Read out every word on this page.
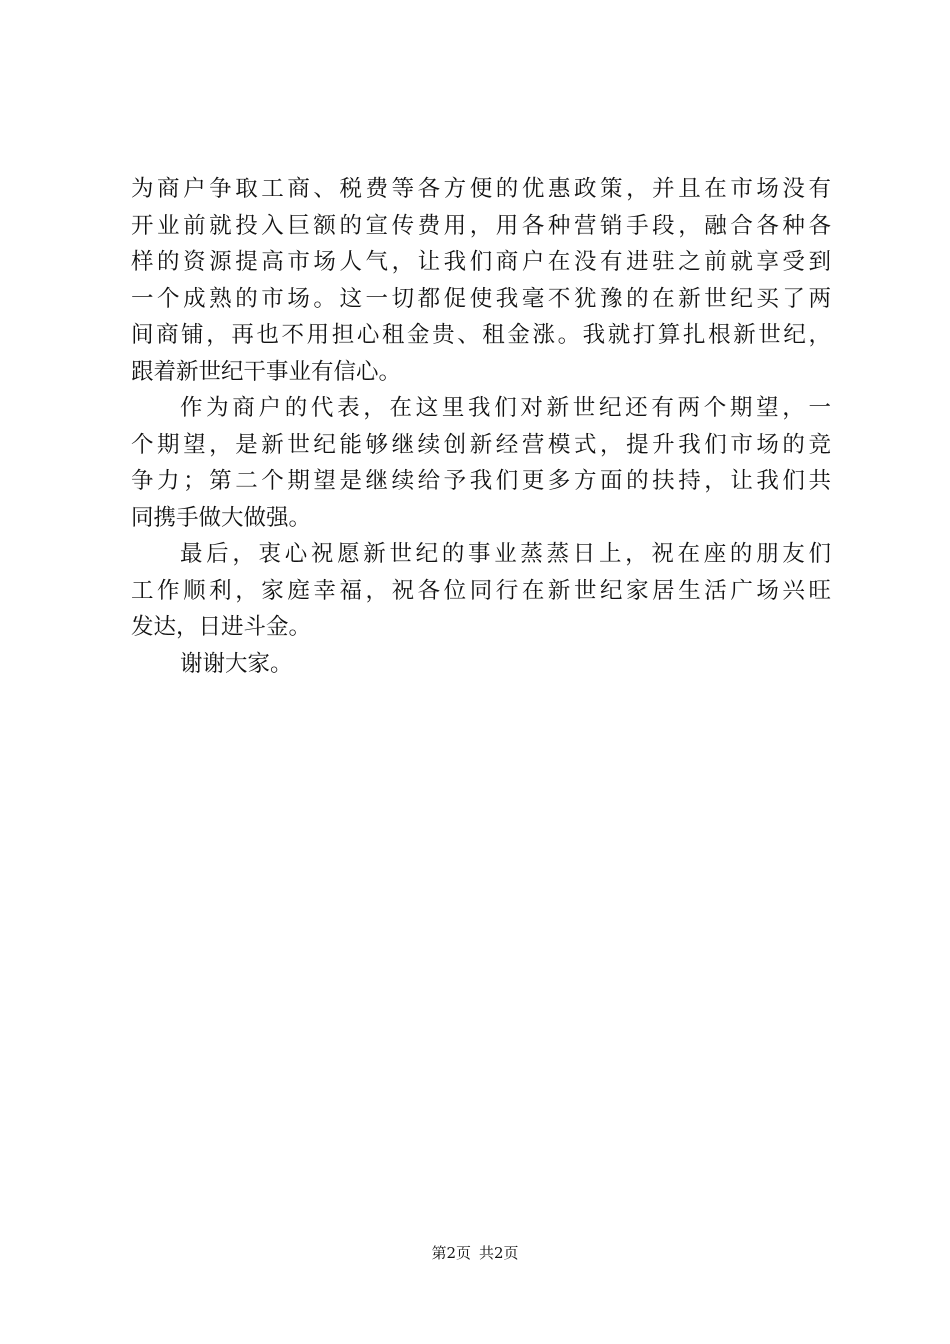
为商户争取工商、税费等各方便的优惠政策，并且在市场没有
开业前就投入巨额的宣传费用，用各种营销手段，融合各种各
样的资源提高市场人气，让我们商户在没有进驻之前就享受到
一个成熟的市场。这一切都促使我毫不犹豫的在新世纪买了两
间商铺，再也不用担心租金贵、租金涨。我就打算扎根新世纪，
跟着新世纪干事业有信心。
作为商户的代表，在这里我们对新世纪还有两个期望，一
个期望，是新世纪能够继续创新经营模式，提升我们市场的竞
争力；第二个期望是继续给予我们更多方面的扶持，让我们共
同携手做大做强。
最后，衷心祝愿新世纪的事业蒸蒸日上，祝在座的朋友们
工作顺利，家庭幸福，祝各位同行在新世纪家居生活广场兴旺
发达，日进斗金。
谢谢大家。
第2页 共2页
